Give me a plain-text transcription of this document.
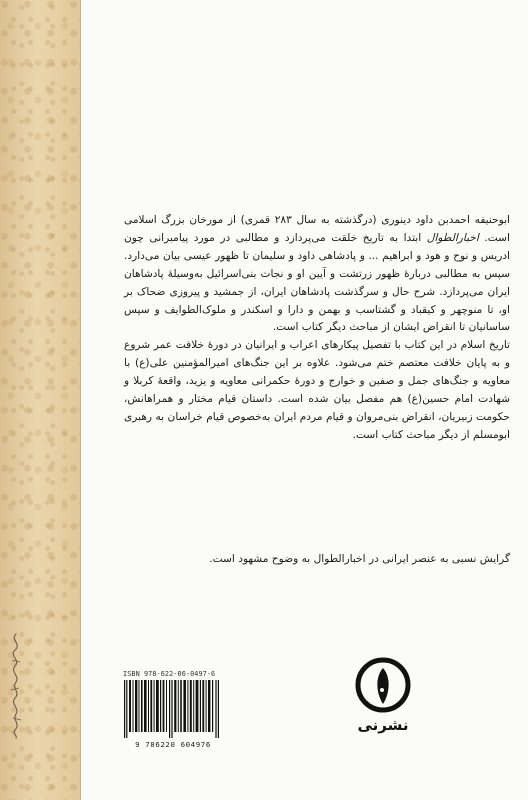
ابوحنیفه احمدبن داود دینوری (درگذشته به سال ۲۸۳ قمری) از مورخان بزرگ اسلامی است. اخبارالطوال ابتدا به تاریخ خلقت می‌پردازد و مطالبی در مورد پیامبرانی چون ادریس و نوح و هود و ابراهیم ... و پادشاهی داود و سلیمان تا ظهور عیسی بیان می‌دارد. سپس به مطالبی دربارهٔ ظهور زرتشت و آیین او و نجات بنی‌اسرائیل به‌وسیلهٔ پادشاهان ایران می‌پردازد. شرح حال و سرگذشت پادشاهان ایران، از جمشید و پیروزی ضحاک بر او، تا منوچهر و کیقباد و گشتاسب و بهمن و دارا و اسکندر و ملوک‌الطوایف و سپس ساسانیان تا انقراض ایشان از مباحث دیگر کتاب است.

تاریخ اسلام در این کتاب با تفصیل پیکارهای اعراب و ایرانیان در دورهٔ خلافت عمر شروع و به پایان خلافت معتصم ختم می‌شود. علاوه بر این جنگ‌های امیرالمؤمنین علی(ع) با معاویه و جنگ‌های جمل و صفین و خوارج و دورهٔ حکمرانی معاویه و یزید، واقعهٔ کربلا و شهادت امام حسین(ع) هم مفصل بیان شده است. داستان قیام مختار و همراهانش، حکومت زبیریان، انقراض بنی‌مروان و قیام مردم ایران به‌خصوص قیام خراسان به رهبری ابومسلم از دیگر مباحث کتاب است.

گرایش نسبی به عنصر ایرانی در اخبارالطوال به وضوح مشهود است.
ISBN 978-622-06-0497-6
9 786220 604976
نشرنی
